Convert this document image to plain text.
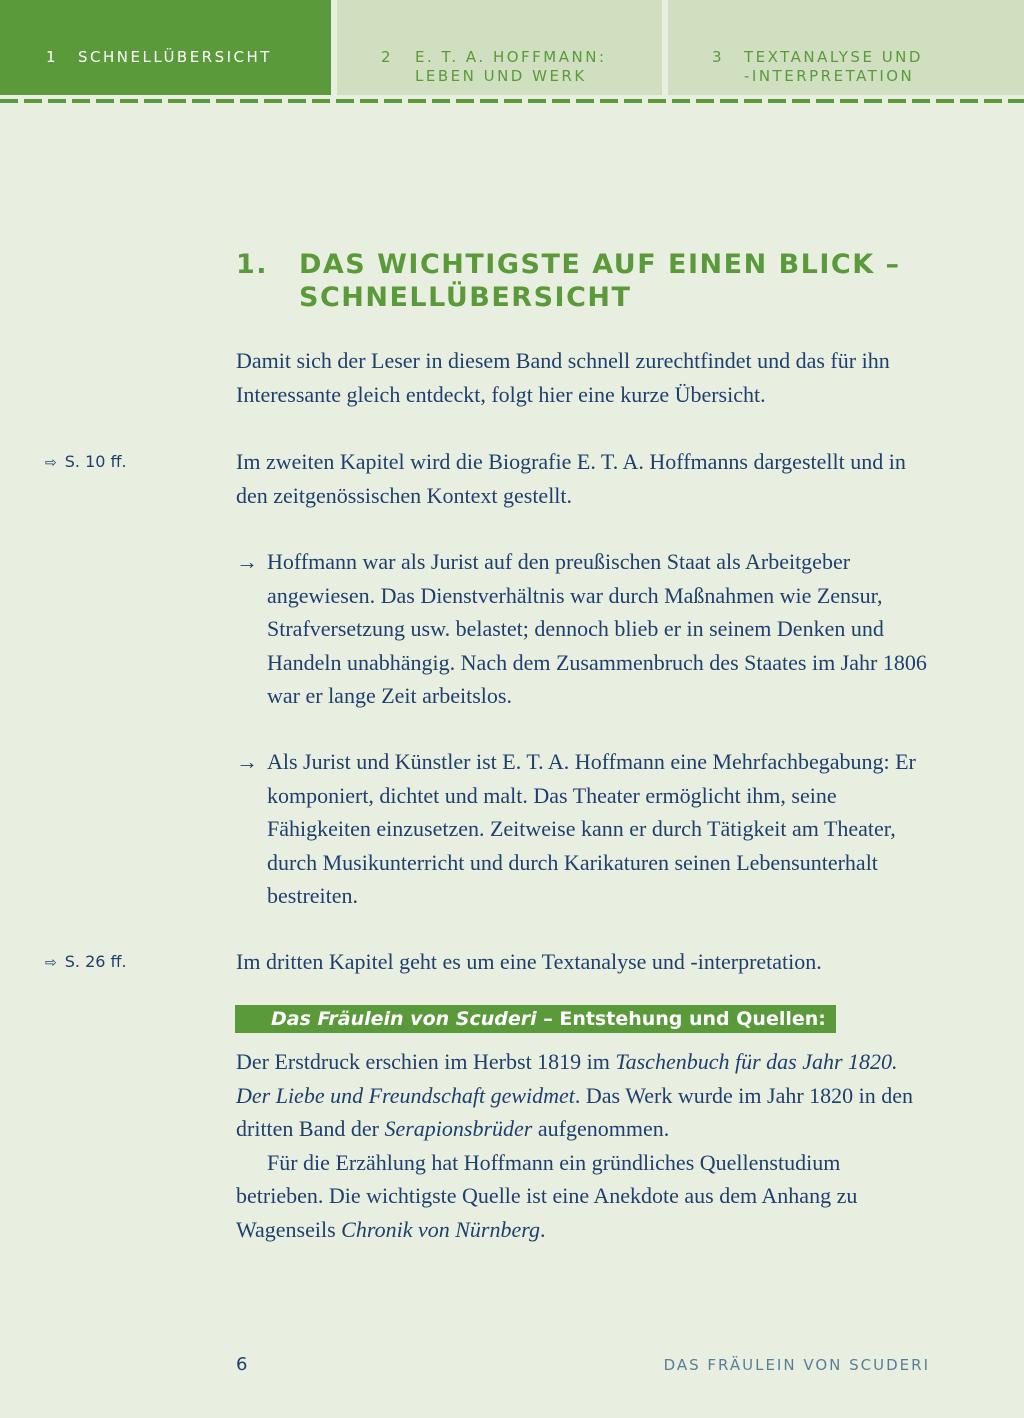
1 SCHNELLÜBERSICHT	2 E. T. A. HOFFMANN:
LEBEN UND WERK
3 TEXTANALYSE UND
-INTERPRETATION
1. DAS WICHTIGSTE AUF EINEN BLICK – SCHNELLÜBERSICHT

Damit sich der Leser in diesem Band schnell zurechtfindet und das für ihn Interessante gleich entdeckt, folgt hier eine kurze Übersicht.

⇨ S. 10 ff.	Im zweiten Kapitel wird die Biografie E. T. A. Hoffmanns dargestellt und in den zeitgenössischen Kontext gestellt.

→ Hoffmann war als Jurist auf den preußischen Staat als Arbeitgeber angewiesen. Das Dienstverhältnis war durch Maßnahmen wie Zensur, Strafversetzung usw. belastet; dennoch blieb er in seinem Denken und Handeln unabhängig. Nach dem Zusammenbruch des Staates im Jahr 1806 war er lange Zeit arbeitslos.
→ Als Jurist und Künstler ist E. T. A. Hoffmann eine Mehrfachbegabung: Er komponiert, dichtet und malt. Das Theater ermöglicht ihm, seine Fähigkeiten einzusetzen. Zeitweise kann er durch Tätigkeit am Theater, durch Musikunterricht und durch Karikaturen seinen Lebensunterhalt bestreiten.
⇨ S. 26 ff.	Im dritten Kapitel geht es um eine Textanalyse und -interpretation.

Das Fräulein von Scuderi – Entstehung und Quellen:

Der Erstdruck erschien im Herbst 1819 im Taschenbuch für das Jahr 1820. Der Liebe und Freundschaft gewidmet. Das Werk wurde im Jahr 1820 in den dritten Band der Serapionsbrüder aufgenommen.
Für die Erzählung hat Hoffmann ein gründliches Quellenstudium betrieben. Die wichtigste Quelle ist eine Anekdote aus dem Anhang zu Wagenseils Chronik von Nürnberg.

6	DAS FRÄULEIN VON SCUDERI
